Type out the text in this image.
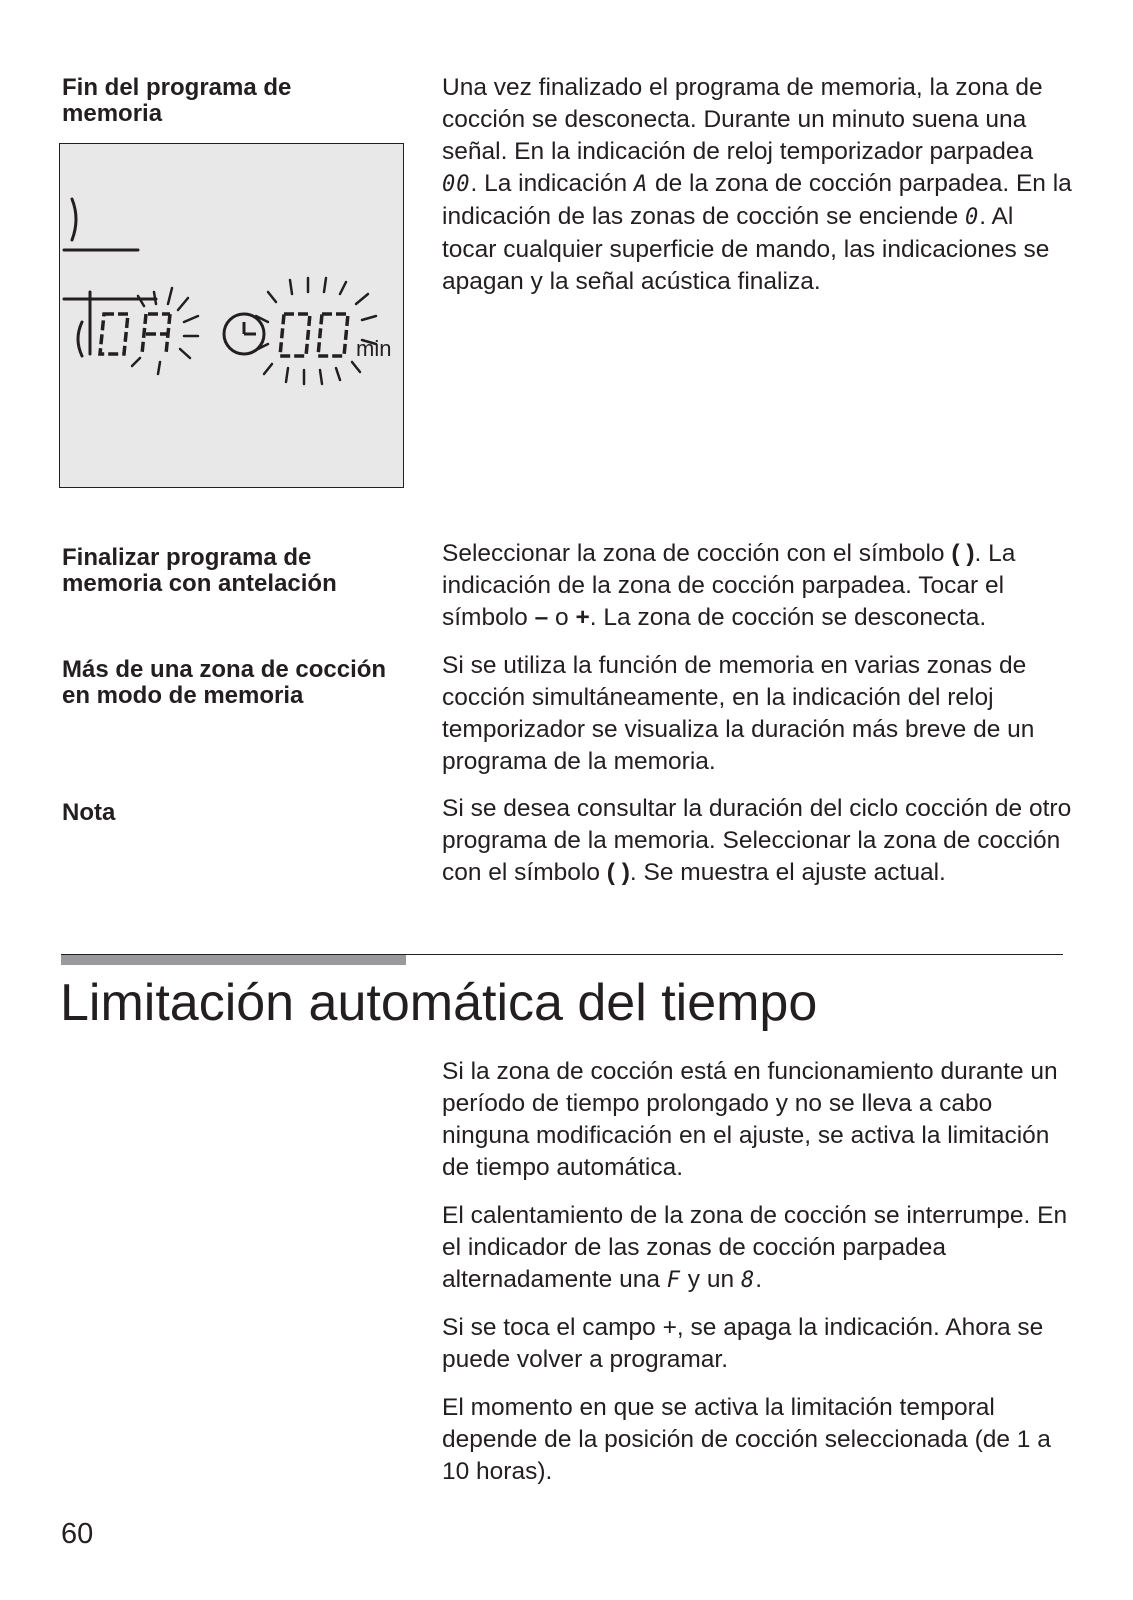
Fin del programa de memoria

Una vez finalizado el programa de memoria, la zona de cocción se desconecta. Durante un minuto suena una señal. En la indicación de reloj temporizador parpadea 00. La indicación A de la zona de cocción parpadea. En la indicación de las zonas de cocción se enciende 0. Al tocar cualquier superficie de mando, las indicaciones se apagan y la señal acústica finaliza.

min
Finalizar programa de memoria con antelación

Seleccionar la zona de cocción con el símbolo ( ). La indicación de la zona de cocción parpadea. Tocar el símbolo – o +. La zona de cocción se desconecta.

Más de una zona de cocción en modo de memoria

Si se utiliza la función de memoria en varias zonas de cocción simultáneamente, en la indicación del reloj temporizador se visualiza la duración más breve de un programa de la memoria.

Nota	Si se desea consultar la duración del ciclo cocción de otro programa de la memoria. Seleccionar la zona de cocción con el símbolo ( ). Se muestra el ajuste actual.

Limitación automática del tiempo

Si la zona de cocción está en funcionamiento durante un período de tiempo prolongado y no se lleva a cabo ninguna modificación en el ajuste, se activa la limitación de tiempo automática.

El calentamiento de la zona de cocción se interrumpe. En el indicador de las zonas de cocción parpadea alternadamente una F y un 8.

Si se toca el campo +, se apaga la indicación. Ahora se puede volver a programar.

El momento en que se activa la limitación temporal depende de la posición de cocción seleccionada (de 1 a 10 horas).

60
